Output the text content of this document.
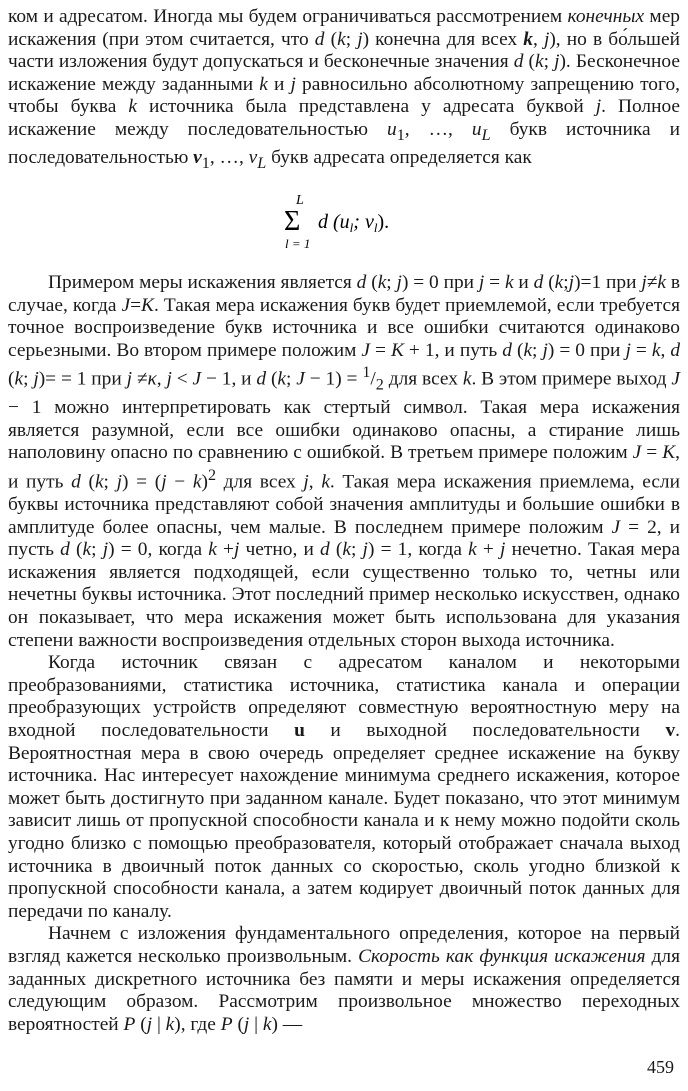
ком и адресатом. Иногда мы будем ограничиваться рассмотрением конечных мер искажения (при этом считается, что d (k; j) конечна для всех k, j), но в бо́льшей части изложения будут допускаться и бесконечные значения d (k; j). Бесконечное искажение между заданными k и j равносильно абсолютному запрещению того, чтобы буква k источника была представлена у адресата буквой j. Полное искажение между последовательностью $u_1$, …, $u_L$ букв источника и последовательностью $v_1$, …, $v_L$ букв адресата определяется как

L
Σ
l = 1
d ($u_l$; $v_l$).

Примером меры искажения является d (k; j) = 0 при j = k и d (k;j)=1 при j≠k в случае, когда J=K. Такая мера искажения букв будет приемлемой, если требуется точное воспроизведение букв источника и все ошибки считаются одинаково серьезными. Во втором примере положим J = K + 1, и путь d (k; j) = 0 при j = k, d (k; j)= = 1 при j ≠κ, j < J − 1, и d (k; $J - 1) = ^1/_2$ для всех k. В этом примере выход J − 1 можно интерпретировать как стертый символ. Такая мера искажения является разумной, если все ошибки одинаково опасны, а стирание лишь наполовину опасно по сравнению с ошибкой. В третьем примере положим J = K, и путь d (k; $j) = (j - k)^2$ для всех j, k. Такая мера искажения приемлема, если буквы источника представляют собой значения амплитуды и большие ошибки в амплитуде более опасны, чем малые. В последнем примере положим J = 2, и пусть d (k; j) = 0, когда k +j четно, и d (k; j) = 1, когда k + j нечетно. Такая мера искажения является подходящей, если существенно только то, четны или нечетны буквы источника. Этот последний пример несколько искусствен, однако он показывает, что мера искажения может быть использована для указания степени важности воспроизведения отдельных сторон выхода источника.

Когда источник связан с адресатом каналом и некоторыми преобразованиями, статистика источника, статистика канала и операции преобразующих устройств определяют совместную вероятностную меру на входной последовательности u и выходной последовательности v. Вероятностная мера в свою очередь определяет среднее искажение на букву источника. Нас интересует нахождение минимума среднего искажения, которое может быть достигнуто при заданном канале. Будет показано, что этот минимум зависит лишь от пропускной способности канала и к нему можно подойти сколь угодно близко с помощью преобразователя, который отображает сначала выход источника в двоичный поток данных со скоростью, сколь угодно близкой к пропускной способности канала, а затем кодирует двоичный поток данных для передачи по каналу.

Начнем с изложения фундаментального определения, которое на первый взгляд кажется несколько произвольным. Скорость как функция искажения для заданных дискретного источника без памяти и меры искажения определяется следующим образом. Рассмотрим произвольное множество переходных вероятностей P (j | k), где P (j | k) —

459
